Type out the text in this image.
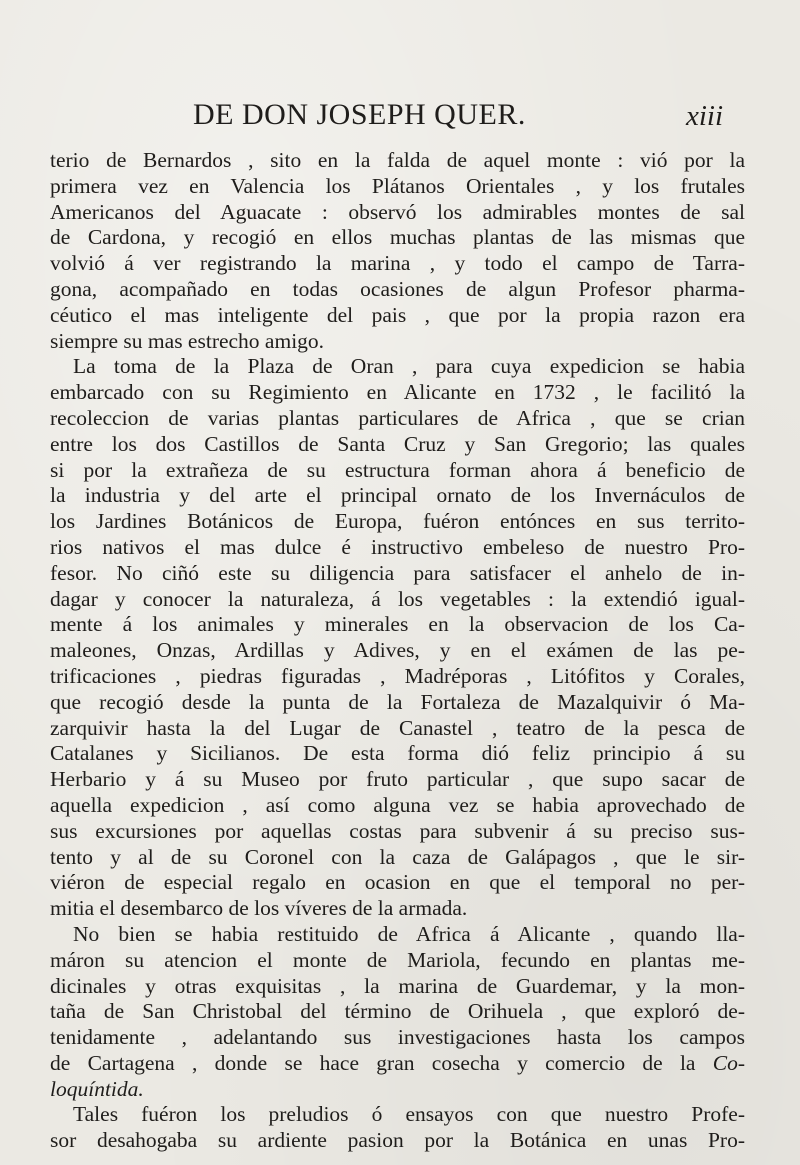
DE DON JOSEPH QUER.	xiii
terio de Bernardos , sito en la falda de aquel monte : vió por la
primera vez en Valencia los Plátanos Orientales , y los frutales
Americanos del Aguacate : observó los admirables montes de sal
de Cardona, y recogió en ellos muchas plantas de las mismas que
volvió á ver registrando la marina , y todo el campo de Tarra-
gona, acompañado en todas ocasiones de algun Profesor pharma-
céutico el mas inteligente del pais , que por la propia razon era
siempre su mas estrecho amigo.
La toma de la Plaza de Oran , para cuya expedicion se habia
embarcado con su Regimiento en Alicante en 1732 , le facilitó la
recoleccion de varias plantas particulares de Africa , que se crian
entre los dos Castillos de Santa Cruz y San Gregorio; las quales
si por la extrañeza de su estructura forman ahora á beneficio de
la industria y del arte el principal ornato de los Invernáculos de
los Jardines Botánicos de Europa, fuéron entónces en sus territo-
rios nativos el mas dulce é instructivo embeleso de nuestro Pro-
fesor. No ciñó este su diligencia para satisfacer el anhelo de in-
dagar y conocer la naturaleza, á los vegetables : la extendió igual-
mente á los animales y minerales en la observacion de los Ca-
maleones, Onzas, Ardillas y Adives, y en el exámen de las pe-
trificaciones , piedras figuradas , Madréporas , Litófitos y Corales,
que recogió desde la punta de la Fortaleza de Mazalquivir ó Ma-
zarquivir hasta la del Lugar de Canastel , teatro de la pesca de
Catalanes y Sicilianos. De esta forma dió feliz principio á su
Herbario y á su Museo por fruto particular , que supo sacar de
aquella expedicion , así como alguna vez se habia aprovechado de
sus excursiones por aquellas costas para subvenir á su preciso sus-
tento y al de su Coronel con la caza de Galápagos , que le sir-
viéron de especial regalo en ocasion en que el temporal no per-
mitia el desembarco de los víveres de la armada.
No bien se habia restituido de Africa á Alicante , quando lla-
máron su atencion el monte de Mariola, fecundo en plantas me-
dicinales y otras exquisitas , la marina de Guardemar, y la mon-
taña de San Christobal del término de Orihuela , que exploró de-
tenidamente , adelantando sus investigaciones hasta los campos
de Cartagena , donde se hace gran cosecha y comercio de la Co-
loquíntida.
Tales fuéron los preludios ó ensayos con que nuestro Profe-
sor desahogaba su ardiente pasion por la Botánica en unas Pro-
